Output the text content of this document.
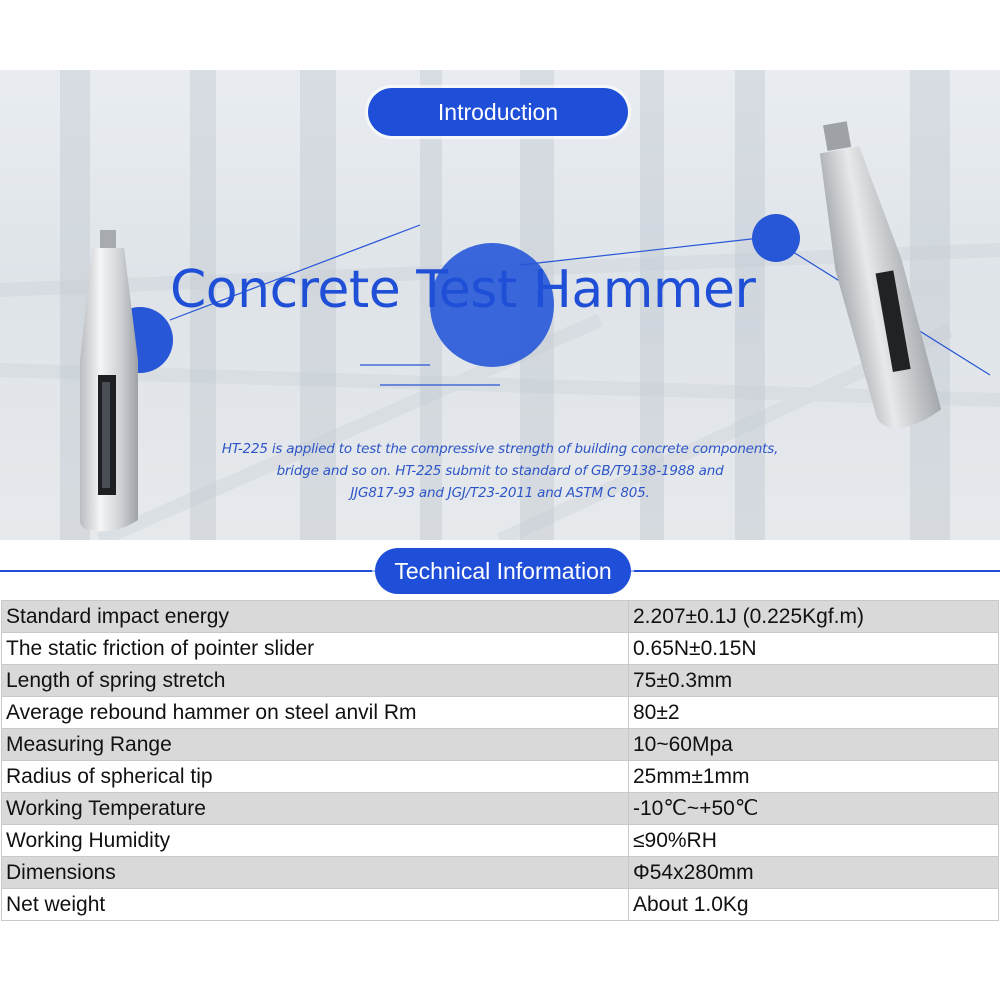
Introduction
Concrete Test Hammer
HT-225 is applied to test the compressive strength of building concrete components,
bridge and so on. HT-225 submit to standard of GB/T9138-1988 and
JJG817-93 and JGJ/T23-2011 and ASTM C 805.
Technical Information
Standard impact energy	2.207±0.1J (0.225Kgf.m)
The static friction of pointer slider	0.65N±0.15N
Length of spring stretch	75±0.3mm
Average rebound hammer on steel anvil Rm	80±2
Measuring Range	10~60Mpa
Radius of spherical tip	25mm±1mm
Working Temperature	-10℃~+50℃
Working Humidity	≤90%RH
Dimensions	Φ54x280mm
Net weight	About 1.0Kg
